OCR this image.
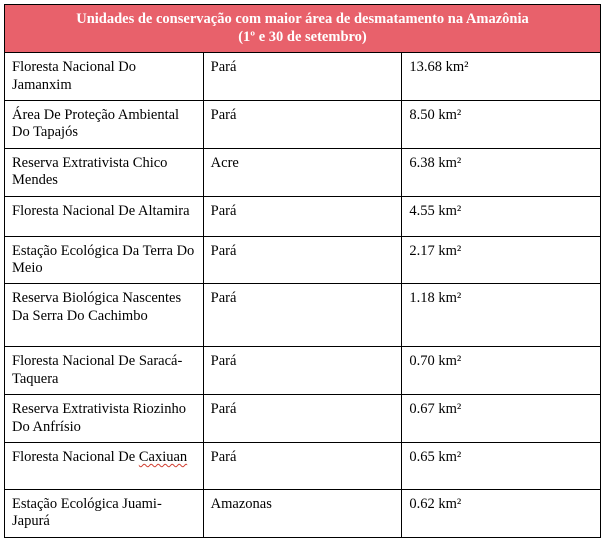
Unidades de conservação com maior área de desmatamento na Amazônia
(1º e 30 de setembro)		

Floresta Nacional Do Jamanxim	Pará	13.68 km²
Área De Proteção Ambiental Do Tapajós	Pará	8.50 km²
Reserva Extrativista Chico Mendes	Acre	6.38 km²
Floresta Nacional De Altamira	Pará	4.55 km²
Estação Ecológica Da Terra Do Meio	Pará	2.17 km²
Reserva Biológica Nascentes Da Serra Do Cachimbo	Pará	1.18 km²
Floresta Nacional De Saracá-Taquera	Pará	0.70 km²
Reserva Extrativista Riozinho Do Anfrísio	Pará	0.67 km²

Floresta Nacional De Caxiuan	Pará	0.65 km²
Estação Ecológica Juami-Japurá	Amazonas	0.62 km²
